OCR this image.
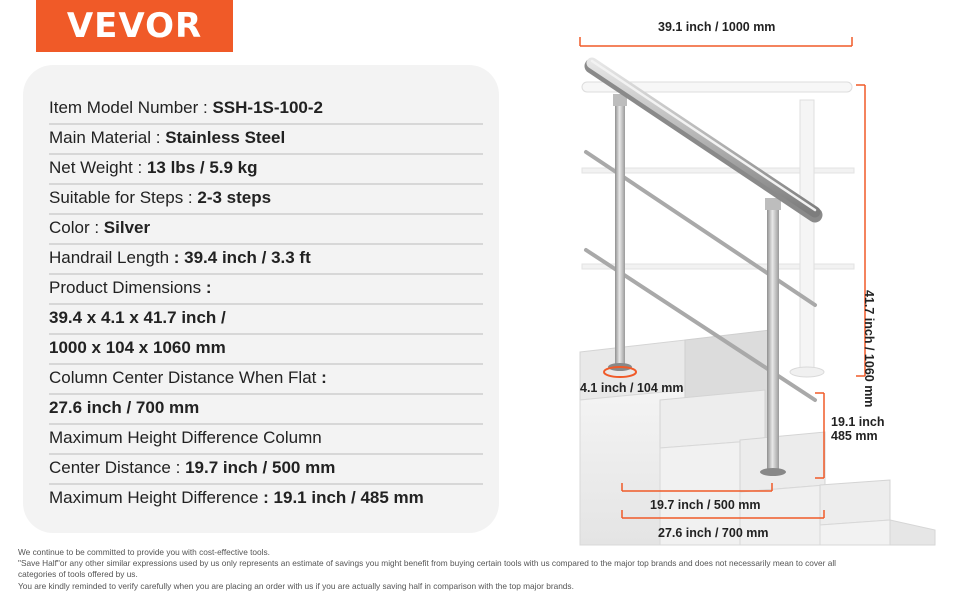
VEVOR
Item Model Number : SSH-1S-100-2
Main Material : Stainless Steel
Net Weight : 13 lbs / 5.9 kg
Suitable for Steps : 2-3 steps
Color : Silver
Handrail Length : 39.4 inch / 3.3 ft
Product Dimensions :
39.4 x 4.1 x 41.7 inch /
1000 x 104 x 1060 mm
Column Center Distance When Flat :
27.6 inch / 700 mm
Maximum Height Difference Column
Center Distance : 19.7 inch / 500 mm
Maximum Height Difference : 19.1 inch / 485 mm
39.1 inch / 1000 mm
41.7 inch / 1060 mm
4.1 inch / 104 mm
19.1 inch
485 mm
19.7 inch / 500 mm
27.6 inch / 700 mm
We continue to be committed to provide you with cost-effective tools.
"Save Half"or any other similar expressions used by us only represents an estimate of savings you might benefit from buying certain tools with us compared to the major top brands and does not necessarily mean to cover all
categories of tools offered by us.
You are kindly reminded to verify carefully when you are placing an order with us if you are actually saving half in comparison with the top major brands.
